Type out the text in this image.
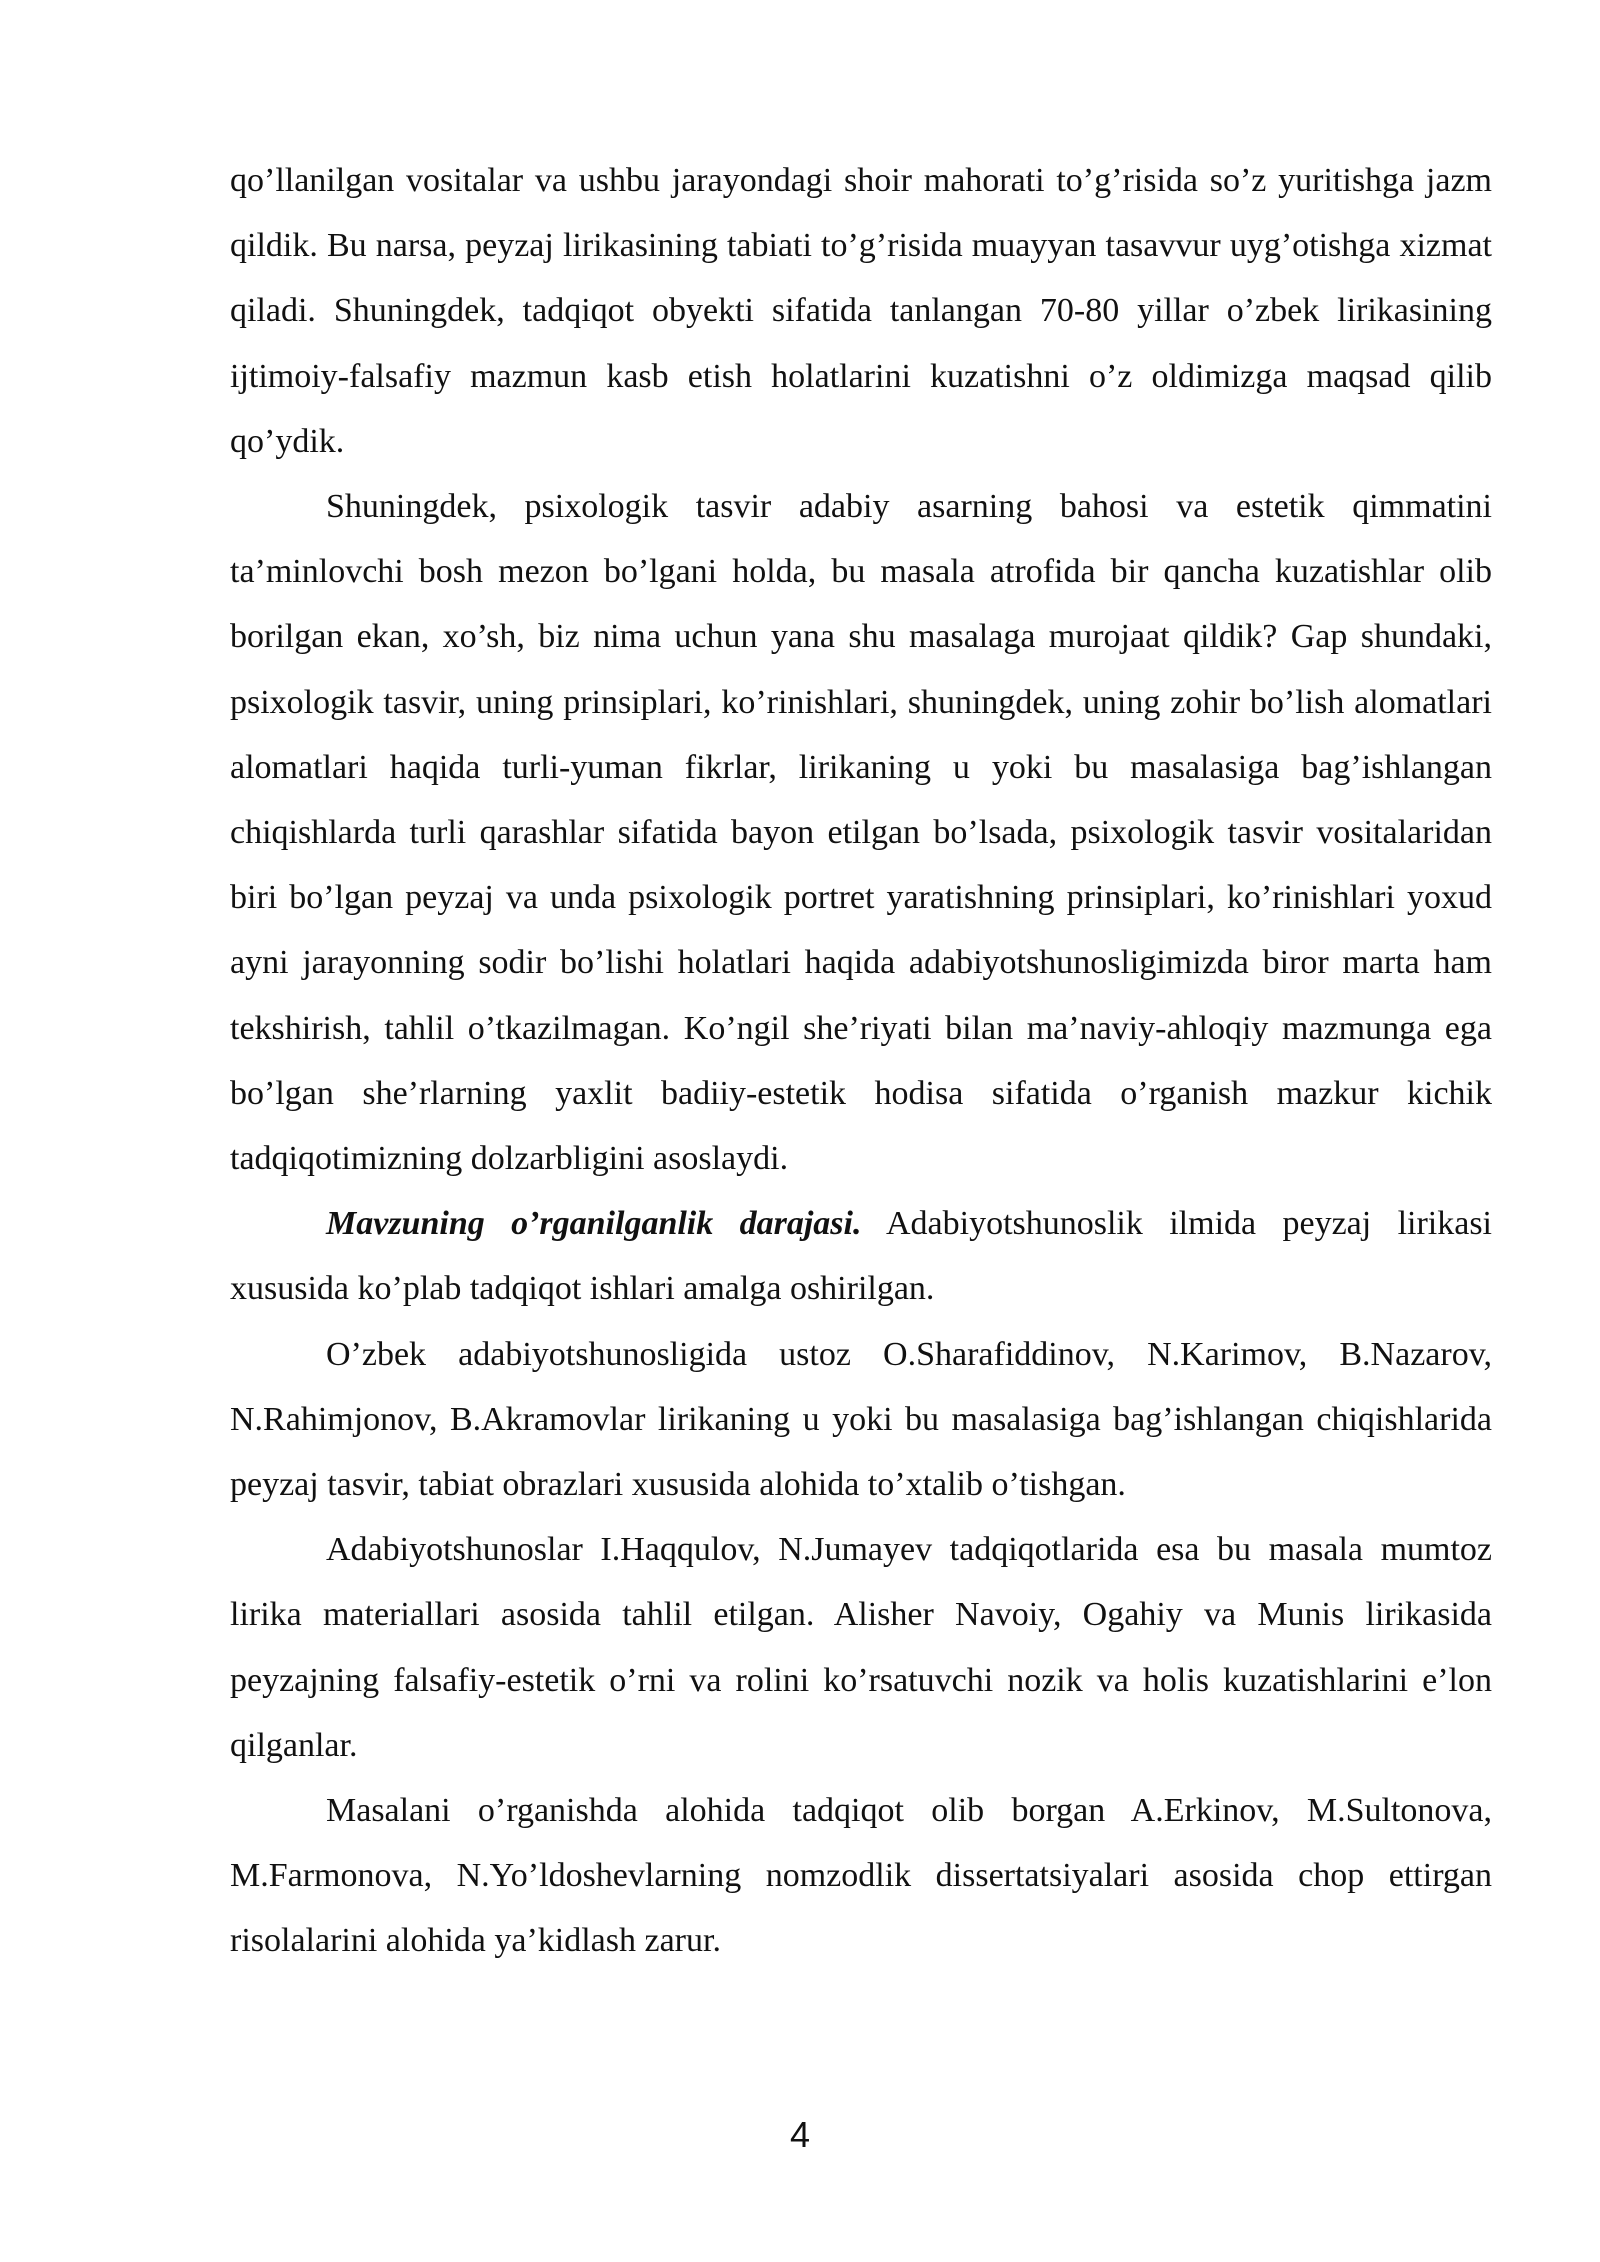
qo’llanilgan vositalar va ushbu jarayondagi shoir mahorati to’g’risida so’z yuritishga jazm qildik. Bu narsa, peyzaj lirikasining tabiati to’g’risida muayyan tasavvur uyg’otishga xizmat qiladi. Shuningdek, tadqiqot obyekti sifatida tanlangan 70-80 yillar o’zbek lirikasining ijtimoiy-falsafiy mazmun kasb etish holatlarini kuzatishni o’z oldimizga maqsad qilib qo’ydik.

Shuningdek, psixologik tasvir adabiy asarning bahosi va estetik qimmatini ta’minlovchi bosh mezon bo’lgani holda, bu masala atrofida bir qancha kuzatishlar olib borilgan ekan, xo’sh, biz nima uchun yana shu masalaga murojaat qildik? Gap shundaki, psixologik tasvir, uning prinsiplari, ko’rinishlari, shuningdek, uning zohir bo’lish alomatlari alomatlari haqida turli-yuman fikrlar, lirikaning u yoki bu masalasiga bag’ishlangan chiqishlarda turli qarashlar sifatida bayon etilgan bo’lsada, psixologik tasvir vositalaridan biri bo’lgan peyzaj va unda psixologik portret yaratishning prinsiplari, ko’rinishlari yoxud ayni jarayonning sodir bo’lishi holatlari haqida adabiyotshunosligimizda biror marta ham tekshirish, tahlil o’tkazilmagan. Ko’ngil she’riyati bilan ma’naviy-ahloqiy mazmunga ega bo’lgan she’rlarning yaxlit badiiy-estetik hodisa sifatida o’rganish mazkur kichik tadqiqotimizning dolzarbligini asoslaydi.

Mavzuning o’rganilganlik darajasi. Adabiyotshunoslik ilmida peyzaj lirikasi xususida ko’plab tadqiqot ishlari amalga oshirilgan.

O’zbek adabiyotshunosligida ustoz O.Sharafiddinov, N.Karimov, B.Nazarov, N.Rahimjonov, B.Akramovlar lirikaning u yoki bu masalasiga bag’ishlangan chiqishlarida peyzaj tasvir, tabiat obrazlari xususida alohida to’xtalib o’tishgan.

Adabiyotshunoslar I.Haqqulov, N.Jumayev tadqiqotlarida esa bu masala mumtoz lirika materiallari asosida tahlil etilgan. Alisher Navoiy, Ogahiy va Munis lirikasida peyzajning falsafiy-estetik o’rni va rolini ko’rsatuvchi nozik va holis kuzatishlarini e’lon qilganlar.

Masalani o’rganishda alohida tadqiqot olib borgan A.Erkinov, M.Sultonova, M.Farmonova, N.Yo’ldoshevlarning nomzodlik dissertatsiyalari asosida chop ettirgan risolalarini alohida ya’kidlash zarur.

4
